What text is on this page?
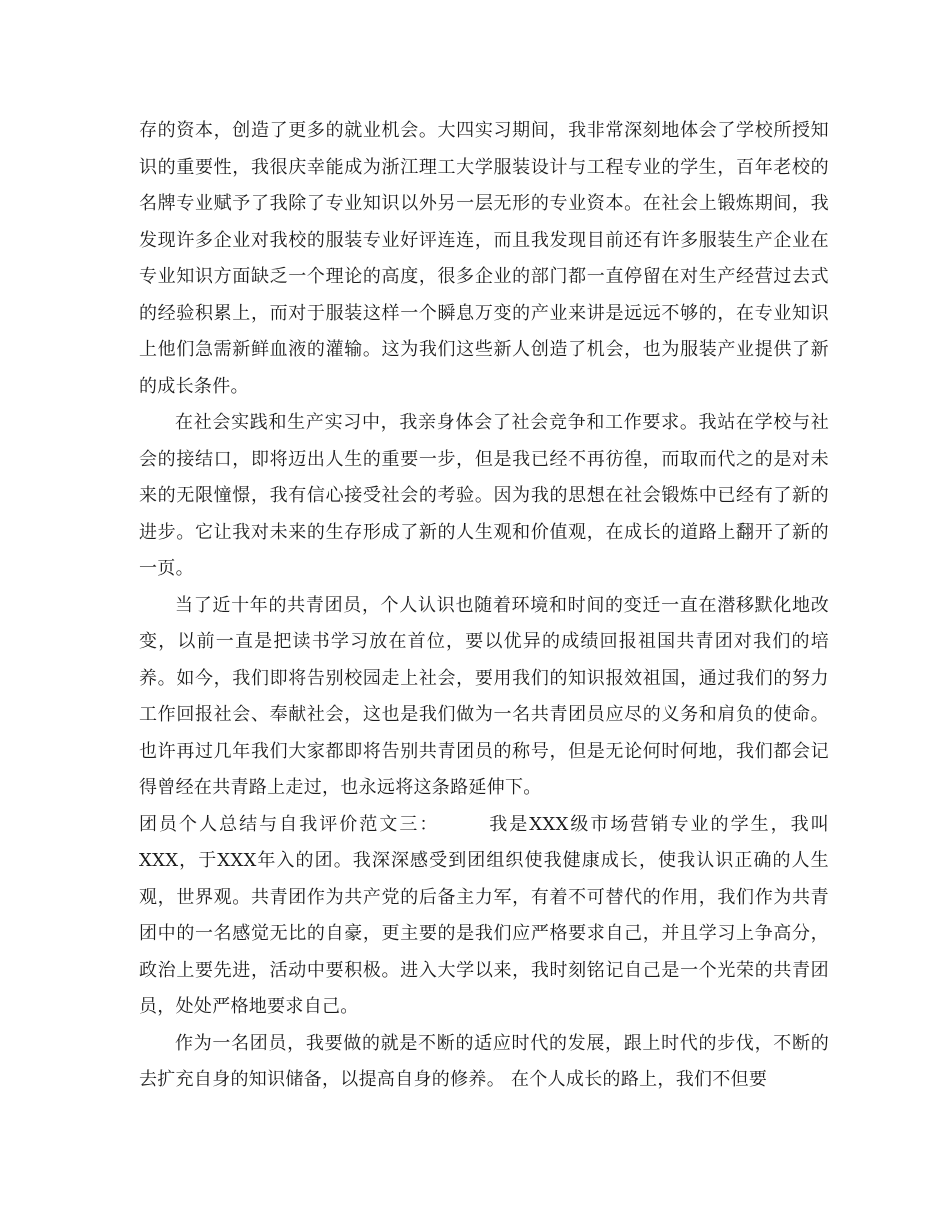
存的资本，创造了更多的就业机会。大四实习期间，我非常深刻地体会了学校所授知识的重要性，我很庆幸能成为浙江理工大学服装设计与工程专业的学生，百年老校的名牌专业赋予了我除了专业知识以外另一层无形的专业资本。在社会上锻炼期间，我发现许多企业对我校的服装专业好评连连，而且我发现目前还有许多服装生产企业在专业知识方面缺乏一个理论的高度，很多企业的部门都一直停留在对生产经营过去式的经验积累上，而对于服装这样一个瞬息万变的产业来讲是远远不够的，在专业知识上他们急需新鲜血液的灌输。这为我们这些新人创造了机会，也为服装产业提供了新的成长条件。

在社会实践和生产实习中，我亲身体会了社会竞争和工作要求。我站在学校与社会的接结口，即将迈出人生的重要一步，但是我已经不再彷徨，而取而代之的是对未来的无限憧憬，我有信心接受社会的考验。因为我的思想在社会锻炼中已经有了新的进步。它让我对未来的生存形成了新的人生观和价值观，在成长的道路上翻开了新的一页。

当了近十年的共青团员，个人认识也随着环境和时间的变迁一直在潜移默化地改变，以前一直是把读书学习放在首位，要以优异的成绩回报祖国共青团对我们的培养。如今，我们即将告别校园走上社会，要用我们的知识报效祖国，通过我们的努力工作回报社会、奉献社会，这也是我们做为一名共青团员应尽的义务和肩负的使命。也许再过几年我们大家都即将告别共青团员的称号，但是无论何时何地，我们都会记得曾经在共青路上走过，也永远将这条路延伸下。

团员个人总结与自我评价范文三：	我是XXX级市场营销专业的学生，我叫XXX，于XXX年入的团。我深深感受到团组织使我健康成长，使我认识正确的人生观，世界观。共青团作为共产党的后备主力军，有着不可替代的作用，我们作为共青团中的一名感觉无比的自豪，更主要的是我们应严格要求自己，并且学习上争高分，政治上要先进，活动中要积极。进入大学以来，我时刻铭记自己是一个光荣的共青团员，处处严格地要求自己。

作为一名团员，我要做的就是不断的适应时代的发展，跟上时代的步伐，不断的去扩充自身的知识储备，以提高自身的修养。 在个人成长的路上，我们不但要
